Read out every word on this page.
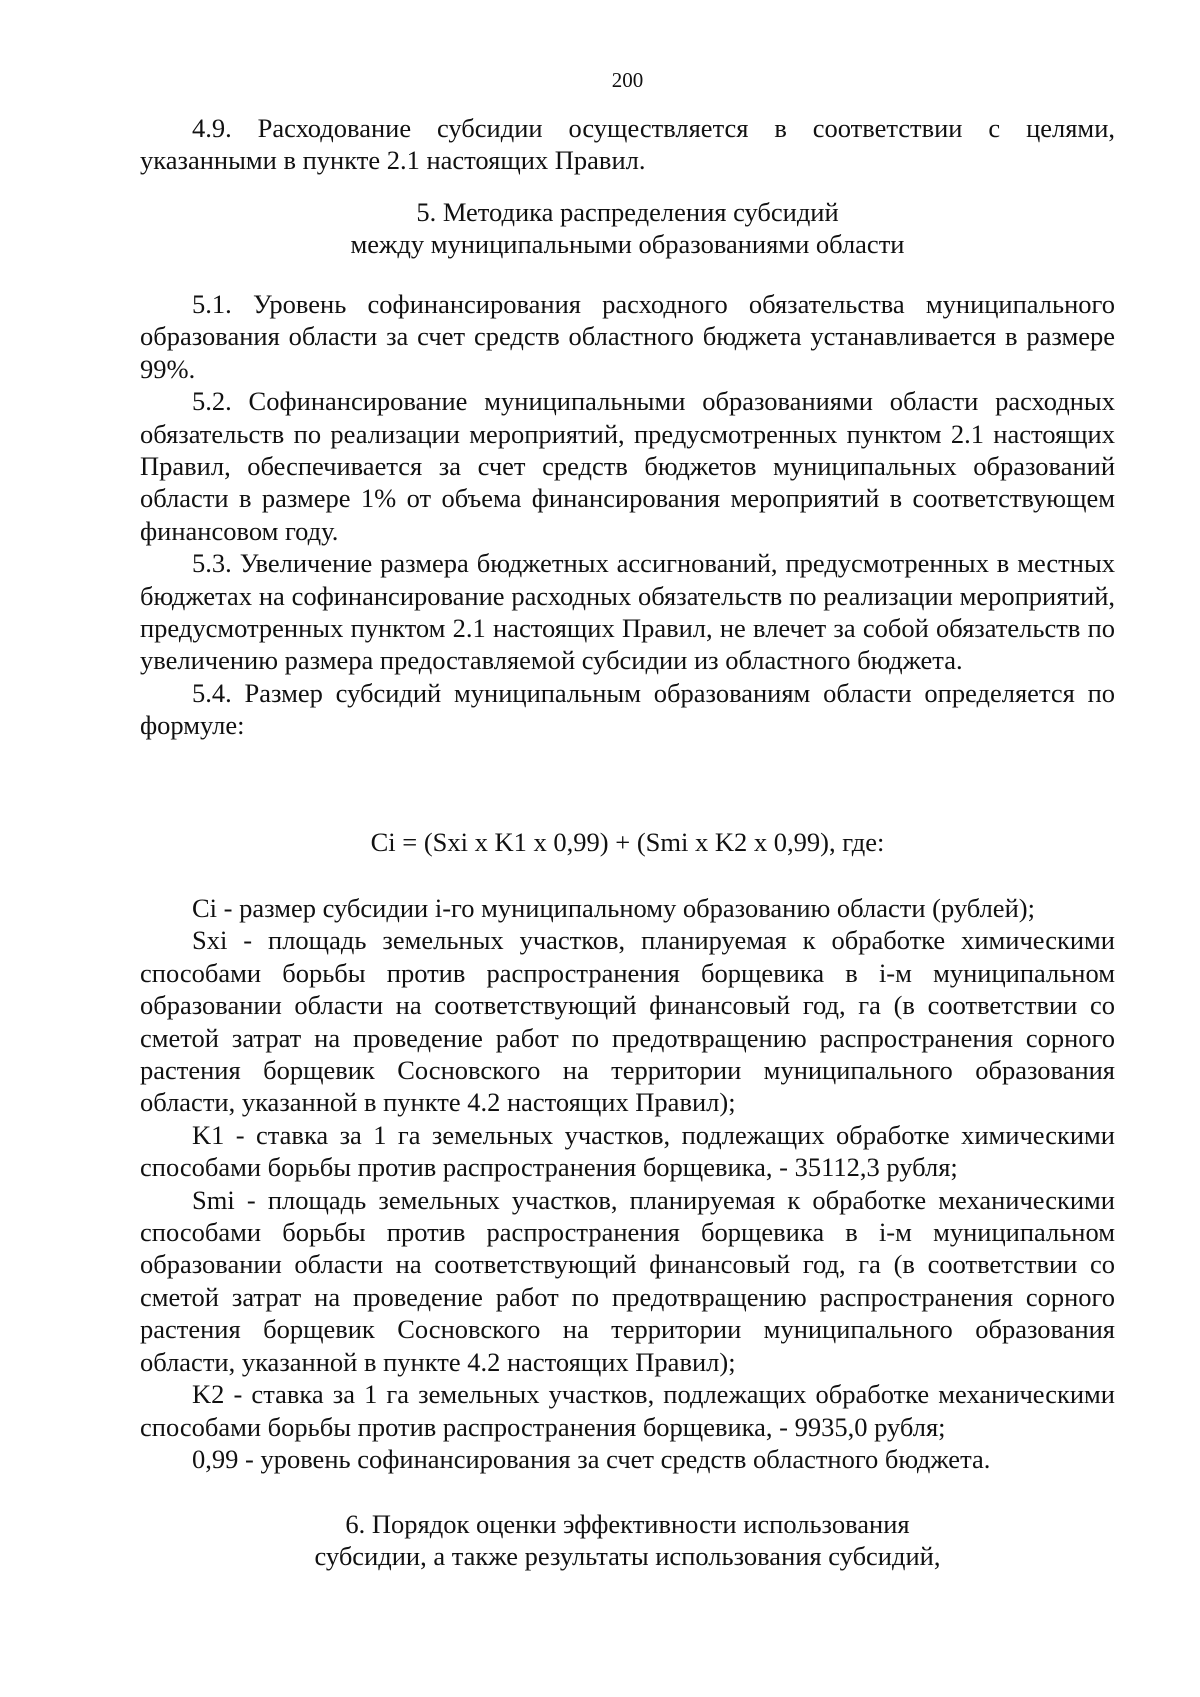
200

4.9. Расходование субсидии осуществляется в соответствии с целями, указанными в пункте 2.1 настоящих Правил.

5. Методика распределения субсидий
между муниципальными образованиями области

5.1. Уровень софинансирования расходного обязательства муниципального образования области за счет средств областного бюджета устанавливается в размере 99%.

5.2. Софинансирование муниципальными образованиями области расходных обязательств по реализации мероприятий, предусмотренных пунктом 2.1 настоящих Правил, обеспечивается за счет средств бюджетов муниципальных образований области в размере 1% от объема финансирования мероприятий в соответствующем финансовом году.

5.3. Увеличение размера бюджетных ассигнований, предусмотренных в местных бюджетах на софинансирование расходных обязательств по реализации мероприятий, предусмотренных пунктом 2.1 настоящих Правил, не влечет за собой обязательств по увеличению размера предоставляемой субсидии из областного бюджета.

5.4. Размер субсидий муниципальным образованиям области определяется по формуле:

Ci = (Sxi x K1 x 0,99) + (Smi x K2 x 0,99), где:

Ci - размер субсидии i-го муниципальному образованию области (рублей);

Sxi - площадь земельных участков, планируемая к обработке химическими способами борьбы против распространения борщевика в i-м муниципальном образовании области на соответствующий финансовый год, га (в соответствии со сметой затрат на проведение работ по предотвращению распространения сорного растения борщевик Сосновского на территории муниципального образования области, указанной в пункте 4.2 настоящих Правил);

K1 - ставка за 1 га земельных участков, подлежащих обработке химическими способами борьбы против распространения борщевика, - 35112,3 рубля;

Smi - площадь земельных участков, планируемая к обработке механическими способами борьбы против распространения борщевика в i-м муниципальном образовании области на соответствующий финансовый год, га (в соответствии со сметой затрат на проведение работ по предотвращению распространения сорного растения борщевик Сосновского на территории муниципального образования области, указанной в пункте 4.2 настоящих Правил);

K2 - ставка за 1 га земельных участков, подлежащих обработке механическими способами борьбы против распространения борщевика, - 9935,0 рубля;

0,99 - уровень софинансирования за счет средств областного бюджета.

6. Порядок оценки эффективности использования
субсидии, а также результаты использования субсидий,
